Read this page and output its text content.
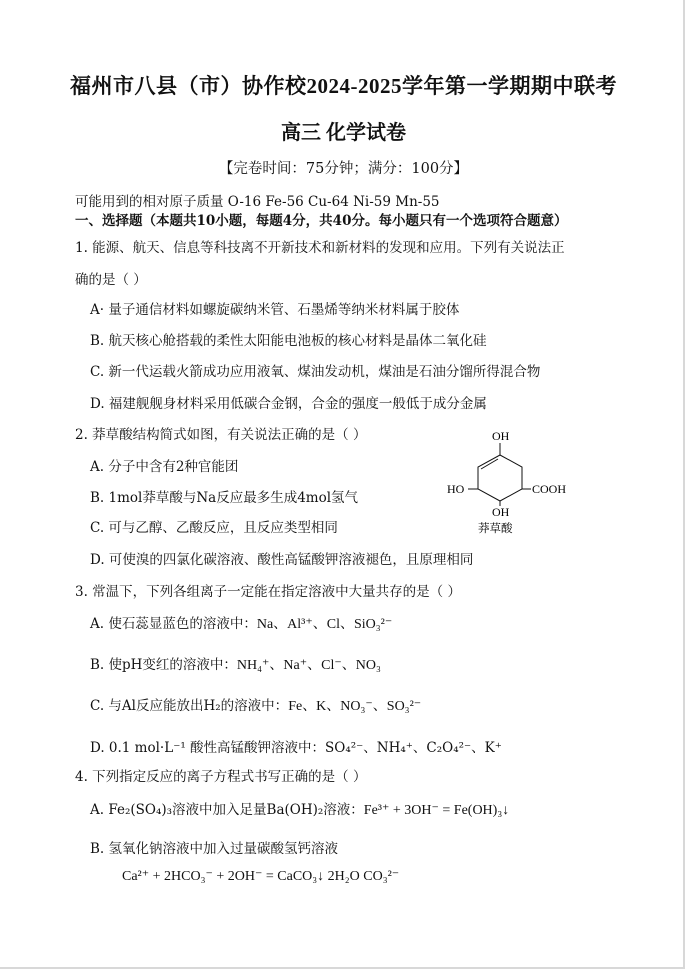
福州市八县（市）协作校2024-2025学年第一学期期中联考
高三 化学试卷
【完卷时间：75分钟；满分：100分】
可能用到的相对原子质量 O-16 Fe-56 Cu-64 Ni-59 Mn-55
一、选择题（本题共10小题，每题4分，共40分。每小题只有一个选项符合题意）
1. 能源、航天、信息等科技离不开新技术和新材料的发现和应用。下列有关说法正
确的是（ ）
A· 量子通信材料如螺旋碳纳米管、石墨烯等纳米材料属于胶体
B. 航天核心舱搭载的柔性太阳能电池板的核心材料是晶体二氧化硅
C. 新一代运载火箭成功应用液氧、煤油发动机，煤油是石油分馏所得混合物
D. 福建舰舰身材料采用低碳合金钢，合金的强度一般低于成分金属
2. 莽草酸结构简式如图，有关说法正确的是（ ）
A. 分子中含有2种官能团
B. 1mol莽草酸与Na反应最多生成4mol氢气
C. 可与乙醇、乙酸反应，且反应类型相同
D. 可使溴的四氯化碳溶液、酸性高锰酸钾溶液褪色，且原理相同
OH
HO	COOH
OH
莽草酸
3. 常温下，下列各组离子一定能在指定溶液中大量共存的是（ ）
A. 使石蕊显蓝色的溶液中：Na、Al³⁺、Cl、SiO₃²⁻
B. 使pH变红的溶液中：NH₄⁺、Na⁺、Cl⁻、NO₃
C. 与Al反应能放出H₂的溶液中：Fe、K、NO₃⁻、SO₃²⁻
D. 0.1 mol·L⁻¹ 酸性高锰酸钾溶液中：SO₄²⁻、NH₄⁺、C₂O₄²⁻、K⁺
4. 下列指定反应的离子方程式书写正确的是（ ）
A. Fe₂(SO₄)₃溶液中加入足量Ba(OH)₂溶液：Fe³⁺ + 3OH⁻ = Fe(OH)₃↓
B. 氢氧化钠溶液中加入过量碳酸氢钙溶液
Ca²⁺ + 2HCO₃⁻ + 2OH⁻ = CaCO₃↓ 2H₂O CO₃²⁻
